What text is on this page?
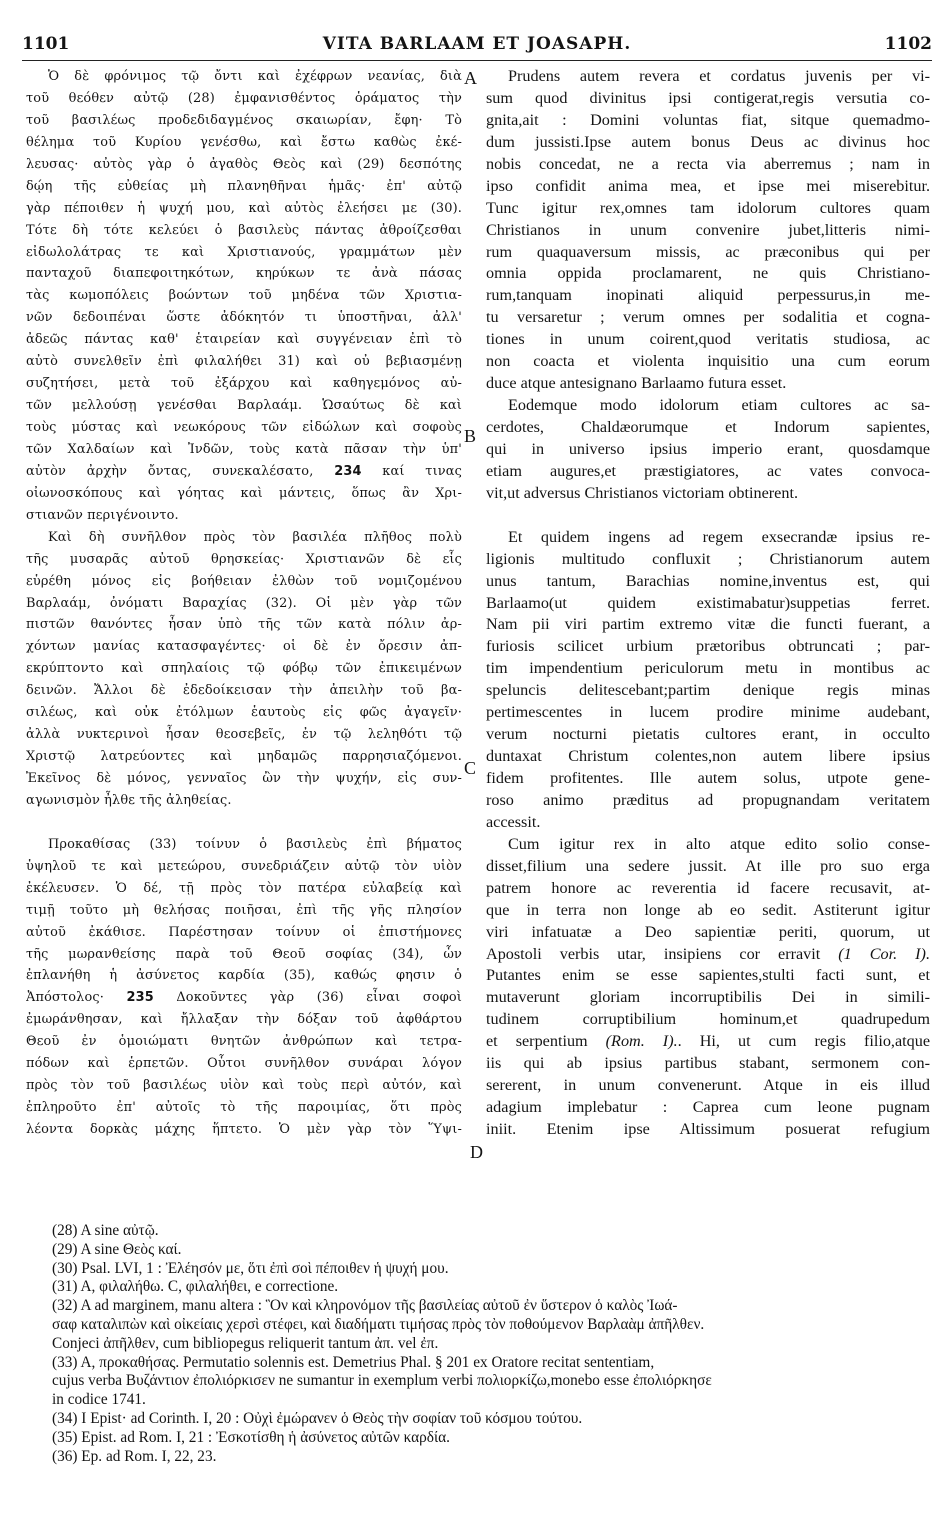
1101	VITA BARLAAM ET JOASAPH.	1102
A
B
C
D
Ὁ δὲ φρόνιμος τῷ ὄντι καὶ ἐχέφρων νεανίας, διὰ
τοῦ θεόθεν αὐτῷ (28) ἐμφανισθέντος ὁράματος τὴν
τοῦ βασιλέως προδεδιδαγμένος σκαιωρίαν, ἔφη· Τὸ
θέλημα τοῦ Κυρίου γενέσθω, καὶ ἔστω καθὼς ἐκέ-
λευσας· αὐτὸς γὰρ ὁ ἀγαθὸς Θεὸς καὶ (29) δεσπότης
δῴη τῆς εὐθείας μὴ πλανηθῆναι ἡμᾶς· ἐπ' αὐτῷ
γὰρ πέποιθεν ἡ ψυχή μου, καὶ αὐτὸς ἐλεήσει με (30).
Τότε δὴ τότε κελεύει ὁ βασιλεὺς πάντας ἀθροίζεσθαι
εἰδωλολάτρας τε καὶ Χριστιανούς, γραμμάτων μὲν
πανταχοῦ διαπεφοιτηκότων, κηρύκων τε ἀνὰ πάσας
τὰς κωμοπόλεις βοώντων τοῦ μηδένα τῶν Χριστια-
νῶν δεδοιπέναι ὥστε ἀδόκητόν τι ὑποστῆναι, ἀλλ'
ἀδεῶς πάντας καθ' ἑταιρείαν καὶ συγγένειαν ἐπὶ τὸ
αὐτὸ συνελθεῖν ἐπὶ φιλαλήθει 31) καὶ οὐ βεβιασμένῃ
συζητήσει, μετὰ τοῦ ἐξάρχου καὶ καθηγεμόνος αὐ-
τῶν μελλούσῃ γενέσθαι Βαρλαάμ. Ὡσαύτως δὲ καὶ
τοὺς μύστας καὶ νεωκόρους τῶν εἰδώλων καὶ σοφοὺς
τῶν Χαλδαίων καὶ Ἰνδῶν, τοὺς κατὰ πᾶσαν τὴν ὑπ'
αὐτὸν ἀρχὴν ὄντας, συνεκαλέσατο, 234 καί τινας
οἰωνοσκόπους καὶ γόητας καὶ μάντεις, ὅπως ἂν Χρι-
στιανῶν περιγένοιντο.
Καὶ δὴ συνῆλθον πρὸς τὸν βασιλέα πλῆθος πολὺ
τῆς μυσαρᾶς αὐτοῦ θρησκείας· Χριστιανῶν δὲ εἷς
εὑρέθη μόνος εἰς βοήθειαν ἐλθὼν τοῦ νομιζομένου
Βαρλαάμ, ὀνόματι Βαραχίας (32). Οἱ μὲν γὰρ τῶν
πιστῶν θανόντες ἦσαν ὑπὸ τῆς τῶν κατὰ πόλιν ἀρ-
χόντων μανίας κατασφαγέντες· οἱ δὲ ἐν ὄρεσιν ἀπ-
εκρύπτοντο καὶ σπηλαίοις τῷ φόβῳ τῶν ἐπικειμένων
δεινῶν. Ἄλλοι δὲ ἐδεδοίκεισαν τὴν ἀπειλὴν τοῦ βα-
σιλέως, καὶ οὐκ ἐτόλμων ἑαυτοὺς εἰς φῶς ἀγαγεῖν·
ἀλλὰ νυκτερινοὶ ἦσαν θεοσεβεῖς, ἐν τῷ λεληθότι τῷ
Χριστῷ λατρεύοντες καὶ μηδαμῶς παρρησιαζόμενοι.
Ἐκεῖνος δὲ μόνος, γενναῖος ὢν τὴν ψυχήν, εἰς συν-
αγωνισμὸν ἦλθε τῆς ἀληθείας.
Προκαθίσας (33) τοίνυν ὁ βασιλεὺς ἐπὶ βήματος
ὑψηλοῦ τε καὶ μετεώρου, συνεδριάζειν αὐτῷ τὸν υἱὸν
ἐκέλευσεν. Ὁ δέ, τῇ πρὸς τὸν πατέρα εὐλαβείᾳ καὶ
τιμῇ τοῦτο μὴ θελήσας ποιῆσαι, ἐπὶ τῆς γῆς πλησίον
αὐτοῦ ἐκάθισε. Παρέστησαν τοίνυν οἱ ἐπιστήμονες
τῆς μωρανθείσης παρὰ τοῦ Θεοῦ σοφίας (34), ὧν
ἐπλανήθη ἡ ἀσύνετος καρδία (35), καθώς φησιν ὁ
Ἀπόστολος· 235 Δοκοῦντες γὰρ (36) εἶναι σοφοὶ
ἐμωράνθησαν, καὶ ἤλλαξαν τὴν δόξαν τοῦ ἀφθάρτου
Θεοῦ ἐν ὁμοιώματι θνητῶν ἀνθρώπων καὶ τετρα-
πόδων καὶ ἑρπετῶν. Οὗτοι συνῆλθον συνάραι λόγον
πρὸς τὸν τοῦ βασιλέως υἱὸν καὶ τοὺς περὶ αὐτόν, καὶ
ἐπληροῦτο ἐπ' αὐτοῖς τὸ τῆς παροιμίας, ὅτι πρὸς
λέοντα δορκὰς μάχης ἥπτετο. Ὁ μὲν γὰρ τὸν Ὕψι-
Prudens autem revera et cordatus juvenis per vi-
sum quod divinitus ipsi contigerat,regis versutia co-
gnita,ait : Domini voluntas fiat, sitque quemadmo-
dum jussisti.Ipse autem bonus Deus ac divinus hoc
nobis concedat, ne a recta via aberremus ; nam in
ipso confidit anima mea, et ipse mei miserebitur.
Tunc igitur rex,omnes tam idolorum cultores quam
Christianos in unum convenire jubet,litteris nimi-
rum quaquaversum missis, ac præconibus qui per
omnia oppida proclamarent, ne quis Christiano-
rum,tanquam inopinati aliquid perpessurus,in me-
tu versaretur ; verum omnes per sodalitia et cogna-
tiones in unum coirent,quod veritatis studiosa, ac
non coacta et violenta inquisitio una cum eorum
duce atque antesignano Barlaamo futura esset.
Eodemque modo idolorum etiam cultores ac sa-
cerdotes, Chaldæorumque et Indorum sapientes,
qui in universo ipsius imperio erant, quosdamque
etiam augures,et præstigiatores, ac vates convoca-
vit,ut adversus Christianos victoriam obtinerent.
Et quidem ingens ad regem exsecrandæ ipsius re-
ligionis multitudo confluxit ; Christianorum autem
unus tantum, Barachias nomine,inventus est, qui
Barlaamo(ut quidem existimabatur)suppetias ferret.
Nam pii viri partim extremo vitæ die functi fuerant, a
furiosis scilicet urbium prætoribus obtruncati ; par-
tim impendentium periculorum metu in montibus ac
speluncis delitescebant;partim denique regis minas
pertimescentes in lucem prodire minime audebant,
verum nocturni pietatis cultores erant, in occulto
duntaxat Christum colentes,non autem libere ipsius
fidem profitentes. Ille autem solus, utpote gene-
roso animo præditus ad propugnandam veritatem
accessit.
Cum igitur rex in alto atque edito solio conse-
disset,filium una sedere jussit. At ille pro suo erga
patrem honore ac reverentia id facere recusavit, at-
que in terra non longe ab eo sedit. Astiterunt igitur
viri infatuatæ a Deo sapientiæ periti, quorum, ut
Apostoli verbis utar, insipiens cor erravit (1 Cor. I).
Putantes enim se esse sapientes,stulti facti sunt, et
mutaverunt gloriam incorruptibilis Dei in simili-
tudinem corruptibilium hominum,et quadrupedum
et serpentium (Rom. I).. Hi, ut cum regis filio,atque
iis qui ab ipsius partibus stabant, sermonem con-
sererent, in unum convenerunt. Atque in eis illud
adagium implebatur : Caprea cum leone pugnam
iniit. Etenim ipse Altissimum posuerat refugium
(28) A sine αὐτῷ.
(29) A sine Θεὸς καί.
(30) Psal. LVI, 1 : Ἐλέησόν με, ὅτι ἐπὶ σοὶ πέποιθεν ἡ ψυχή μου.
(31) A, φιλαλήθω. C, φιλαλήθει, e correctione.
(32) A ad marginem, manu altera : Ὃν καὶ κληρονόμον τῆς βασιλείας αὐτοῦ ἐν ὕστερον ὁ καλὸς Ἰωά-
σαφ καταλιπὼν καὶ οἰκείαις χερσὶ στέφει, καὶ διαδήματι τιμήσας πρὸς τὸν ποθούμενον Βαρλαὰμ ἀπῆλθεν.
Conjeci ἀπῆλθεν, cum bibliopegus reliquerit tantum ἀπ. vel ἐπ.
(33) A, προκαθήσας. Permutatio solennis est. Demetrius Phal. § 201 ex Oratore recitat sententiam,
cujus verba Βυζάντιον ἐπολιόρκισεν ne sumantur in exemplum verbi πολιορκίζω,monebo esse ἐπολιόρκησε
in codice 1741.
(34) I Epist· ad Corinth. I, 20 : Οὐχὶ ἐμώρανεν ὁ Θεὸς τὴν σοφίαν τοῦ κόσμου τούτου.
(35) Epist. ad Rom. I, 21 : Ἐσκοτίσθη ἡ ἀσύνετος αὐτῶν καρδία.
(36) Ep. ad Rom. I, 22, 23.
